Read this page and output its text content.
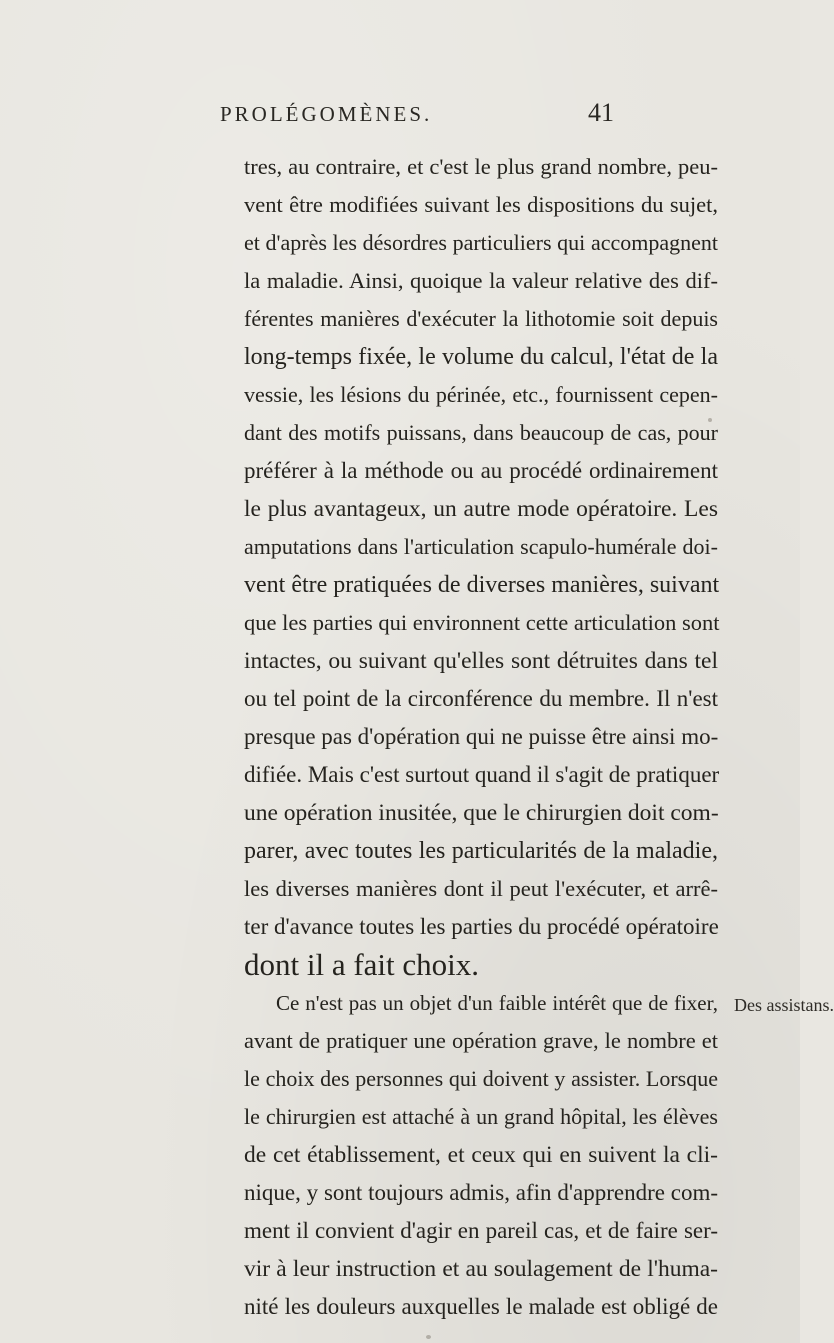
PROLÉGOMÈNES.	41
tres, au contraire, et c'est le plus grand nombre, peu-
vent être modifiées suivant les dispositions du sujet,
et d'après les désordres particuliers qui accompagnent
la maladie. Ainsi, quoique la valeur relative des dif-
férentes manières d'exécuter la lithotomie soit depuis
long-temps fixée, le volume du calcul, l'état de la
vessie, les lésions du périnée, etc., fournissent cepen-
dant des motifs puissans, dans beaucoup de cas, pour
préférer à la méthode ou au procédé ordinairement
le plus avantageux, un autre mode opératoire. Les
amputations dans l'articulation scapulo-humérale doi-
vent être pratiquées de diverses manières, suivant
que les parties qui environnent cette articulation sont
intactes, ou suivant qu'elles sont détruites dans tel
ou tel point de la circonférence du membre. Il n'est
presque pas d'opération qui ne puisse être ainsi mo-
difiée. Mais c'est surtout quand il s'agit de pratiquer
une opération inusitée, que le chirurgien doit com-
parer, avec toutes les particularités de la maladie,
les diverses manières dont il peut l'exécuter, et arrê-
ter d'avance toutes les parties du procédé opératoire
dont il a fait choix.
Ce n'est pas un objet d'un faible intérêt que de fixer,
avant de pratiquer une opération grave, le nombre et
le choix des personnes qui doivent y assister. Lorsque
le chirurgien est attaché à un grand hôpital, les élèves
de cet établissement, et ceux qui en suivent la cli-
nique, y sont toujours admis, afin d'apprendre com-
ment il convient d'agir en pareil cas, et de faire ser-
vir à leur instruction et au soulagement de l'huma-
nité les douleurs auxquelles le malade est obligé de
Des assistans.
